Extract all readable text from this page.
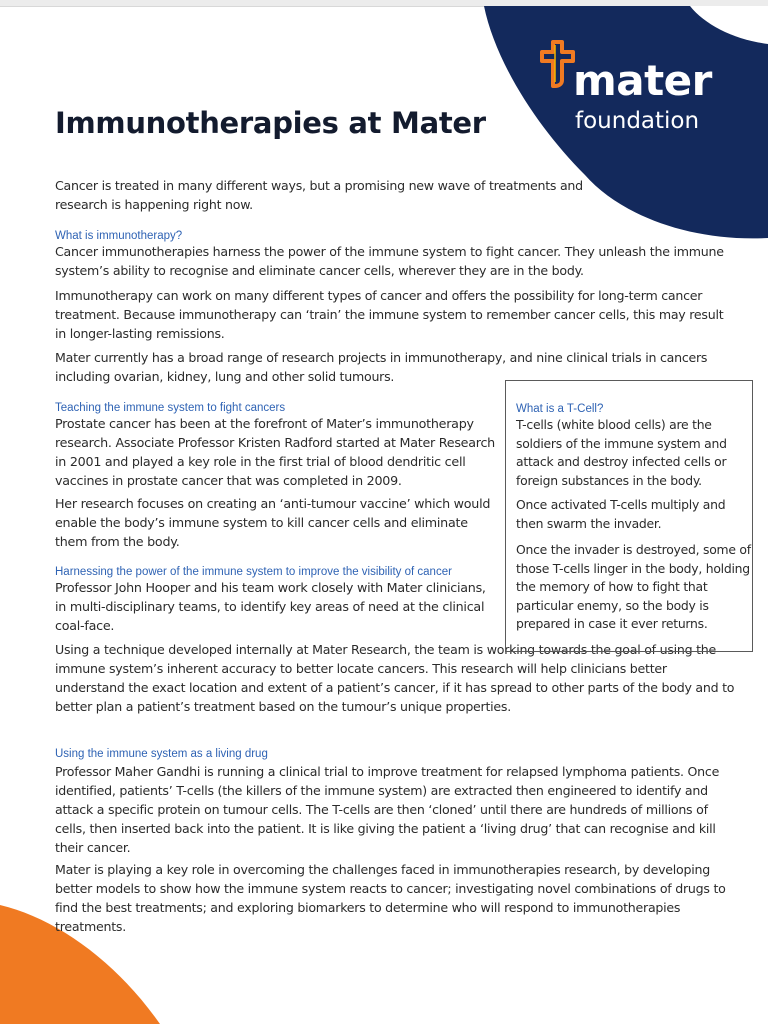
mater
foundation
Immunotherapies at Mater

Cancer is treated in many different ways, but a promising new wave of treatments and research is happening right now.

What is immunotherapy?

Cancer immunotherapies harness the power of the immune system to fight cancer. They unleash the immune system’s ability to recognise and eliminate cancer cells, wherever they are in the body.

Immunotherapy can work on many different types of cancer and offers the possibility for long-term cancer treatment. Because immunotherapy can ‘train’ the immune system to remember cancer cells, this may result in longer-lasting remissions.

Mater currently has a broad range of research projects in immunotherapy, and nine clinical trials in cancers including ovarian, kidney, lung and other solid tumours.

Teaching the immune system to fight cancers

Prostate cancer has been at the forefront of Mater’s immunotherapy research. Associate Professor Kristen Radford started at Mater Research in 2001 and played a key role in the first trial of blood dendritic cell vaccines in prostate cancer that was completed in 2009.

Her research focuses on creating an ‘anti-tumour vaccine’ which would enable the body’s immune system to kill cancer cells and eliminate them from the body.

Harnessing the power of the immune system to improve the visibility of cancer

Professor John Hooper and his team work closely with Mater clinicians, in multi-disciplinary teams, to identify key areas of need at the clinical coal-face.

Using a technique developed internally at Mater Research, the team is working towards the goal of using the immune system’s inherent accuracy to better locate cancers. This research will help clinicians better understand the exact location and extent of a patient’s cancer, if it has spread to other parts of the body and to better plan a patient’s treatment based on the tumour’s unique properties.

Using the immune system as a living drug

Professor Maher Gandhi is running a clinical trial to improve treatment for relapsed lymphoma patients. Once identified, patients’ T-cells (the killers of the immune system) are extracted then engineered to identify and attack a specific protein on tumour cells. The T-cells are then ‘cloned’ until there are hundreds of millions of cells, then inserted back into the patient. It is like giving the patient a ‘living drug’ that can recognise and kill their cancer.

Mater is playing a key role in overcoming the challenges faced in immunotherapies research, by developing better models to show how the immune system reacts to cancer; investigating novel combinations of drugs to find the best treatments; and exploring biomarkers to determine who will respond to immunotherapies treatments.

What is a T-Cell?

T-cells (white blood cells) are the soldiers of the immune system and attack and destroy infected cells or foreign substances in the body.

Once activated T-cells multiply and then swarm the invader.

Once the invader is destroyed, some of those T-cells linger in the body, holding the memory of how to fight that particular enemy, so the body is prepared in case it ever returns.
